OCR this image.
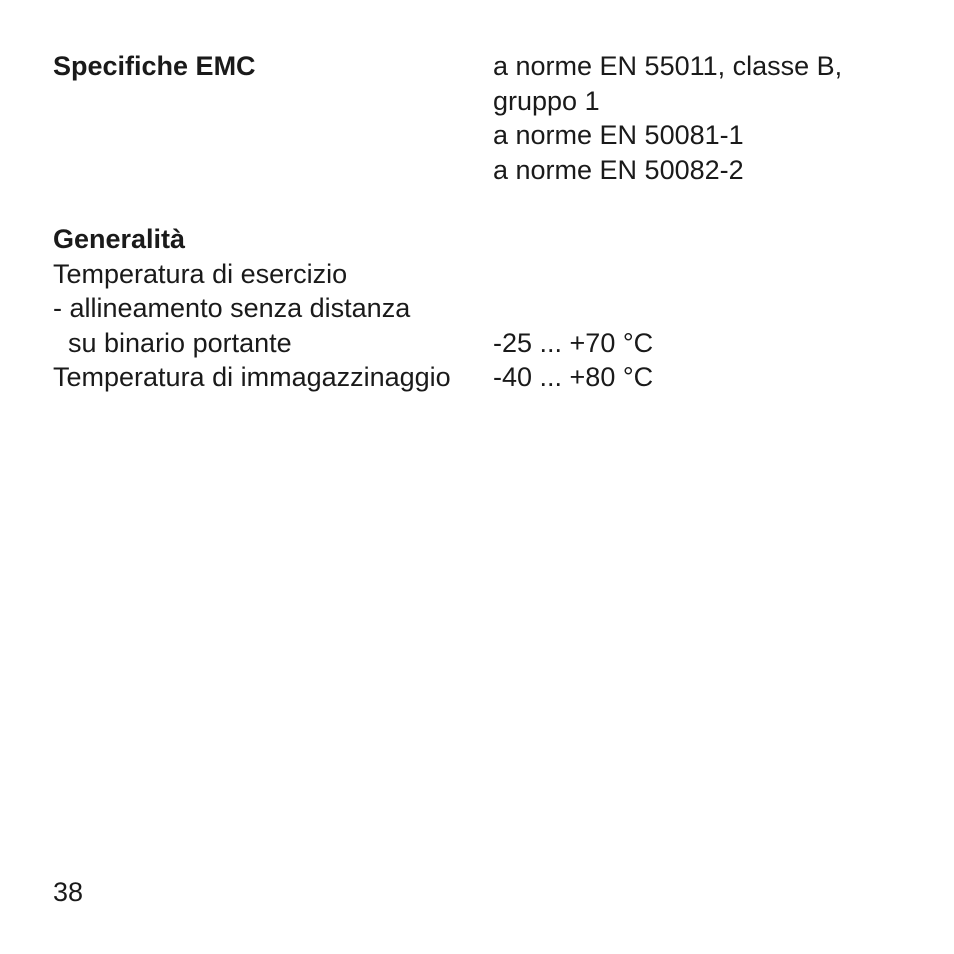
Specifiche EMC	a norme EN 55011, classe B,
gruppo 1
a norme EN 50081-1
a norme EN 50082-2
Generalità
Temperatura di esercizio
- allineamento senza distanza
su binario portante	-25 ... +70 °C
Temperatura di immagazzinaggio -40 ... +80 °C
38
